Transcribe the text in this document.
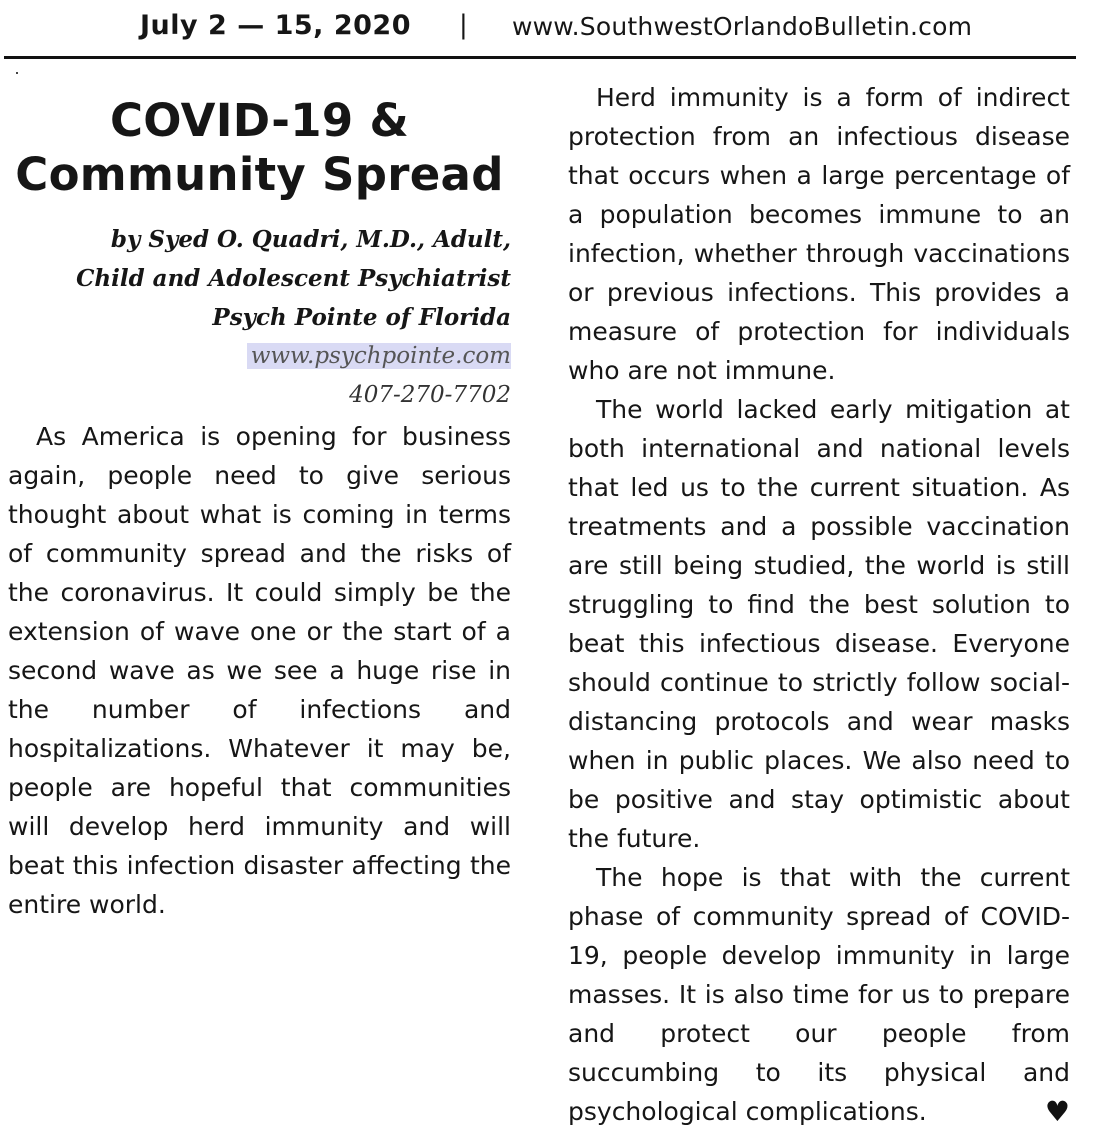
July 2 — 15, 2020 | www.SouthwestOrlandoBulletin.com
COVID-19 &
Community Spread
by Syed O. Quadri, M.D., Adult,
Child and Adolescent Psychiatrist
Psych Pointe of Florida
www.psychpointe.com
407-270-7702

As America is opening for business again, people need to give serious thought about what is coming in terms of community spread and the risks of the coronavirus. It could simply be the extension of wave one or the start of a second wave as we see a huge rise in the number of infections and hospitalizations. Whatever it may be, people are hopeful that communities will develop herd immunity and will beat this infection disaster affecting the entire world.

Herd immunity is a form of indirect protection from an infectious disease that occurs when a large percentage of a population becomes immune to an infection, whether through vaccinations or previous infections. This provides a measure of protection for individuals who are not immune.

The world lacked early mitigation at both international and national levels that led us to the current situation. As treatments and a possible vaccination are still being studied, the world is still struggling to find the best solution to beat this infectious disease. Everyone should continue to strictly follow social-distancing protocols and wear masks when in public places. We also need to be positive and stay optimistic about the future.

The hope is that with the current phase of community spread of COVID-19, people develop immunity in large masses. It is also time for us to prepare and protect our people from succumbing to its physical and psychological complications.	♥
